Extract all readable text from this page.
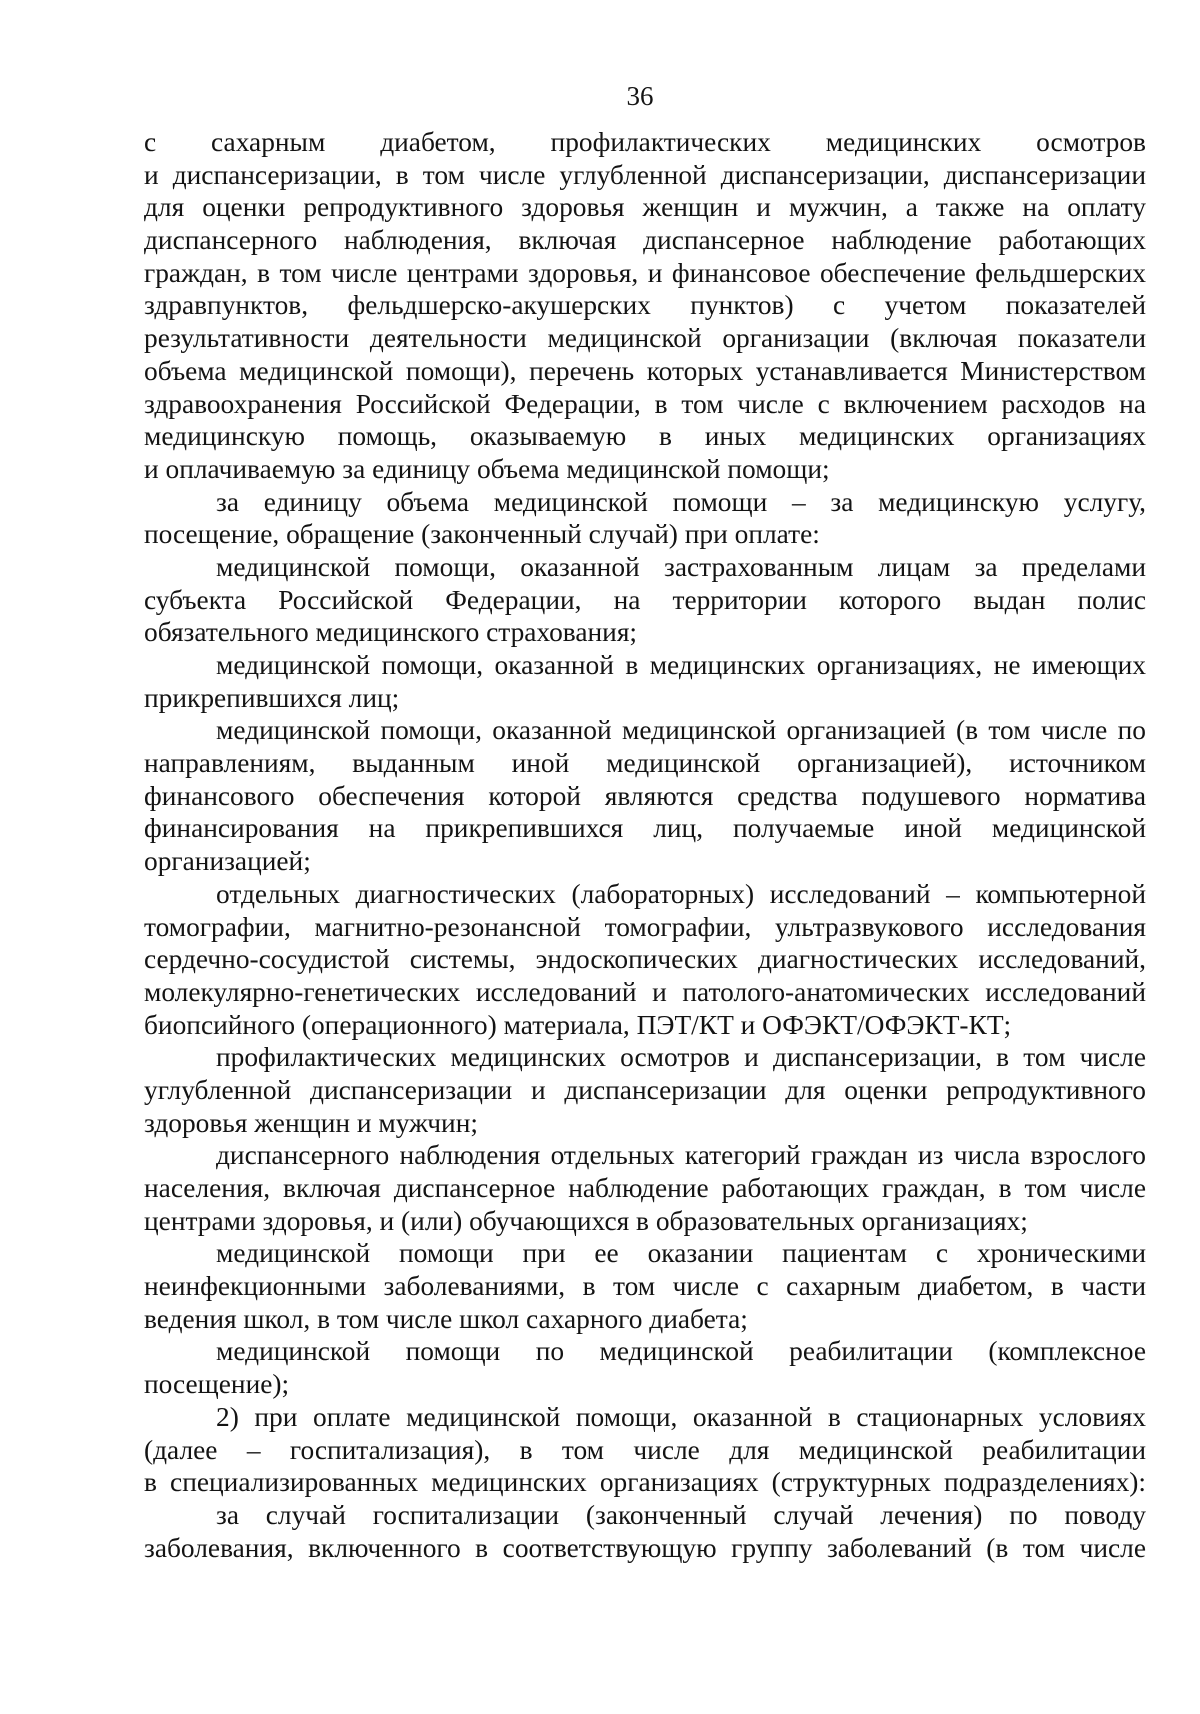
36
с сахарным диабетом, профилактических медицинских осмотров
и диспансеризации, в том числе углубленной диспансеризации, диспансеризации
для оценки репродуктивного здоровья женщин и мужчин, а также на оплату
диспансерного наблюдения, включая диспансерное наблюдение работающих
граждан, в том числе центрами здоровья, и финансовое обеспечение фельдшерских
здравпунктов, фельдшерско-акушерских пунктов) с учетом показателей
результативности деятельности медицинской организации (включая показатели
объема медицинской помощи), перечень которых устанавливается Министерством
здравоохранения Российской Федерации, в том числе с включением расходов на
медицинскую помощь, оказываемую в иных медицинских организациях
и оплачиваемую за единицу объема медицинской помощи;
за единицу объема медицинской помощи – за медицинскую услугу,
посещение, обращение (законченный случай) при оплате:
медицинской помощи, оказанной застрахованным лицам за пределами
субъекта Российской Федерации, на территории которого выдан полис
обязательного медицинского страхования;
медицинской помощи, оказанной в медицинских организациях, не имеющих
прикрепившихся лиц;
медицинской помощи, оказанной медицинской организацией (в том числе по
направлениям, выданным иной медицинской организацией), источником
финансового обеспечения которой являются средства подушевого норматива
финансирования на прикрепившихся лиц, получаемые иной медицинской
организацией;
отдельных диагностических (лабораторных) исследований – компьютерной
томографии, магнитно-резонансной томографии, ультразвукового исследования
сердечно-сосудистой системы, эндоскопических диагностических исследований,
молекулярно-генетических исследований и патолого-анатомических исследований
биопсийного (операционного) материала, ПЭТ/КТ и ОФЭКТ/ОФЭКТ-КТ;
профилактических медицинских осмотров и диспансеризации, в том числе
углубленной диспансеризации и диспансеризации для оценки репродуктивного
здоровья женщин и мужчин;
диспансерного наблюдения отдельных категорий граждан из числа взрослого
населения, включая диспансерное наблюдение работающих граждан, в том числе
центрами здоровья, и (или) обучающихся в образовательных организациях;
медицинской помощи при ее оказании пациентам с хроническими
неинфекционными заболеваниями, в том числе с сахарным диабетом, в части
ведения школ, в том числе школ сахарного диабета;
медицинской помощи по медицинской реабилитации (комплексное
посещение);
2) при оплате медицинской помощи, оказанной в стационарных условиях
(далее – госпитализация), в том числе для медицинской реабилитации
в специализированных медицинских организациях (структурных подразделениях):
за случай госпитализации (законченный случай лечения) по поводу
заболевания, включенного в соответствующую группу заболеваний (в том числе
